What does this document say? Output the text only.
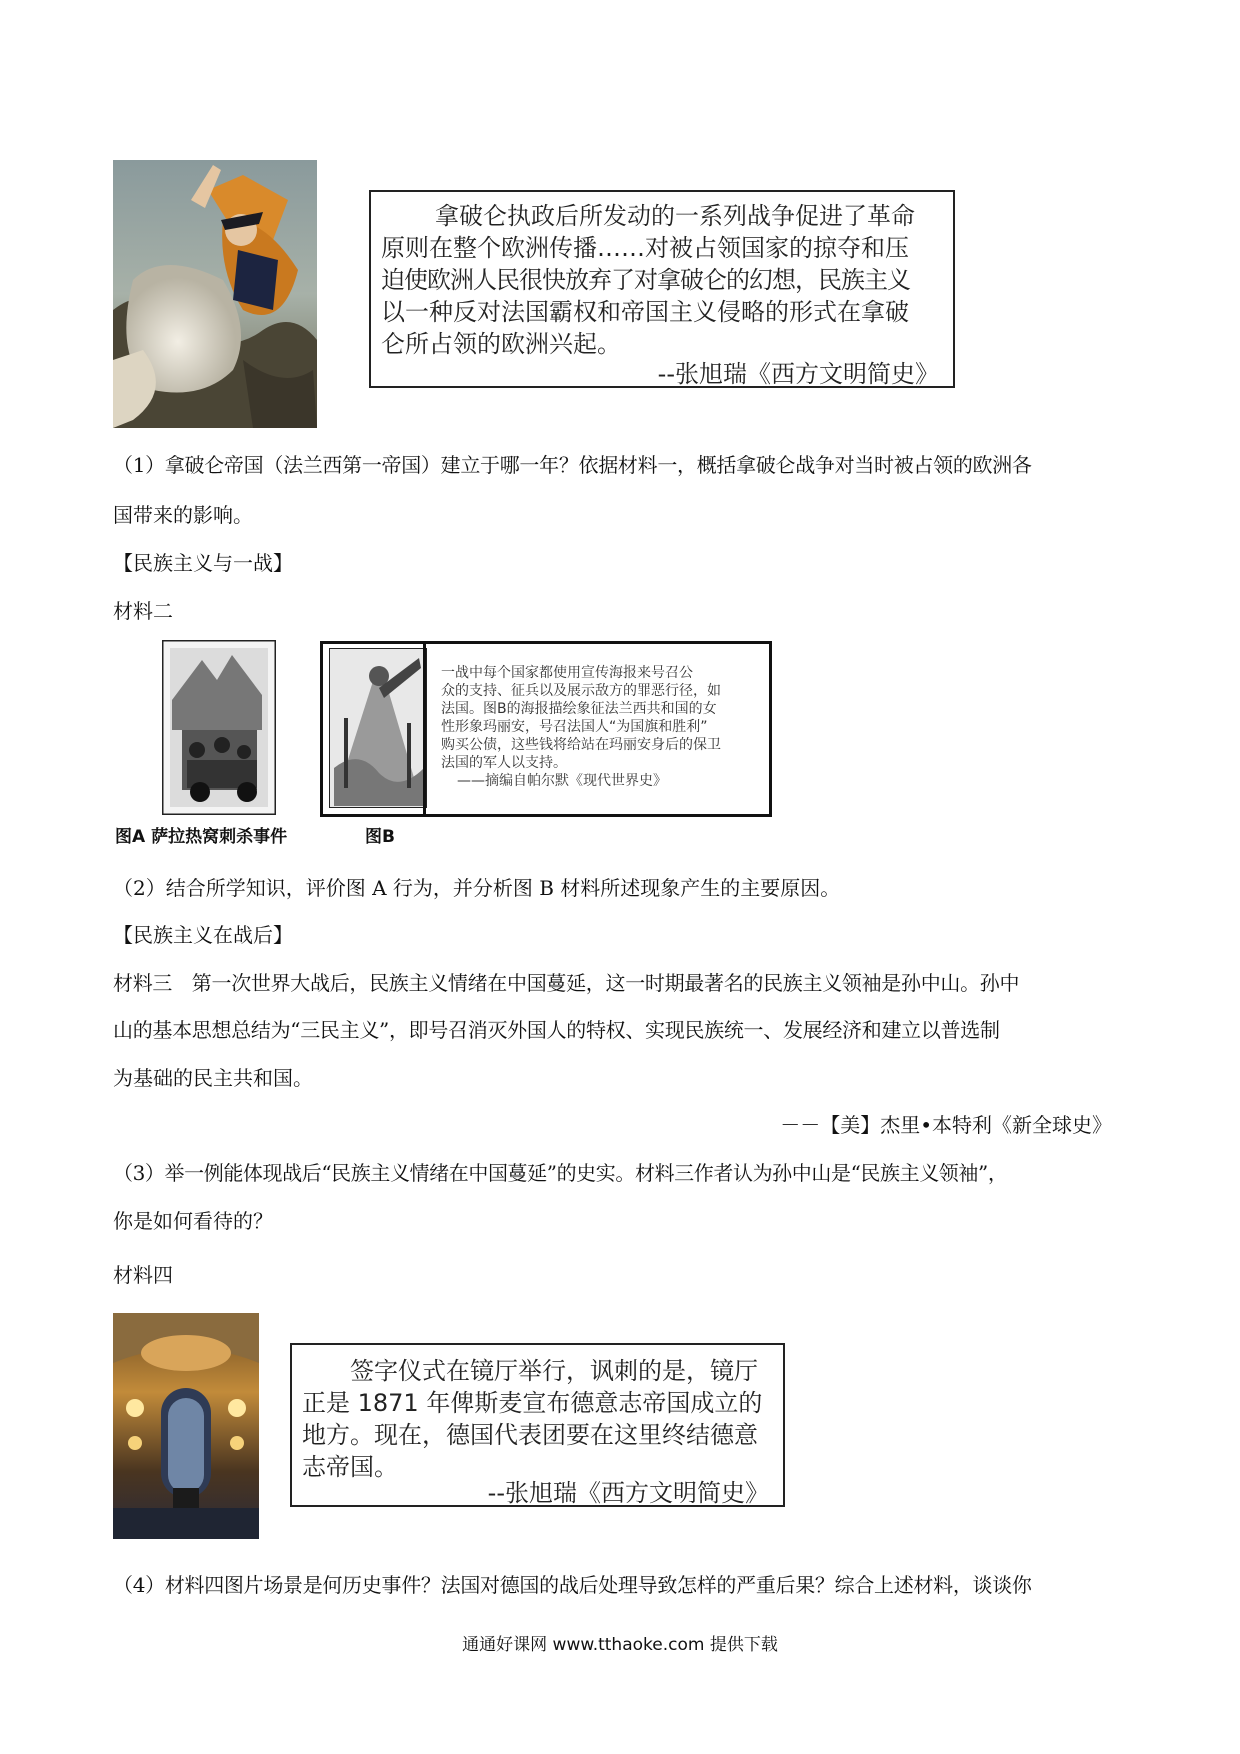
拿破仑执政后所发动的一系列战争促进了革命
原则在整个欧洲传播……对被占领国家的掠夺和压
迫使欧洲人民很快放弃了对拿破仑的幻想，民族主义
以一种反对法国霸权和帝国主义侵略的形式在拿破
仑所占领的欧洲兴起。
--张旭瑞《西方文明简史》
（1）拿破仑帝国（法兰西第一帝国）建立于哪一年？依据材料一，概括拿破仑战争对当时被占领的欧洲各
国带来的影响。
【民族主义与一战】
材料二
图A 萨拉热窝刺杀事件
一战中每个国家都使用宣传海报来号召公
众的支持、征兵以及展示敌方的罪恶行径，如
法国。图B的海报描绘象征法兰西共和国的女
性形象玛丽安，号召法国人“为国旗和胜利”
购买公债，这些钱将给站在玛丽安身后的保卫
法国的军人以支持。
——摘编自帕尔默《现代世界史》
图B
（2）结合所学知识，评价图 A 行为，并分析图 B 材料所述现象产生的主要原因。
【民族主义在战后】
材料三　第一次世界大战后，民族主义情绪在中国蔓延，这一时期最著名的民族主义领袖是孙中山。孙中
山的基本思想总结为“三民主义”，即号召消灭外国人的特权、实现民族统一、发展经济和建立以普选制
为基础的民主共和国。
－－【美】杰里•本特利《新全球史》
（3）举一例能体现战后“民族主义情绪在中国蔓延”的史实。材料三作者认为孙中山是“民族主义领袖”，
你是如何看待的？
材料四
签字仪式在镜厅举行，讽刺的是，镜厅
正是 1871 年俾斯麦宣布德意志帝国成立的
地方。现在，德国代表团要在这里终结德意
志帝国。
--张旭瑞《西方文明简史》
（4）材料四图片场景是何历史事件？法国对德国的战后处理导致怎样的严重后果？综合上述材料，谈谈你
通通好课网 www.tthaoke.com 提供下载
